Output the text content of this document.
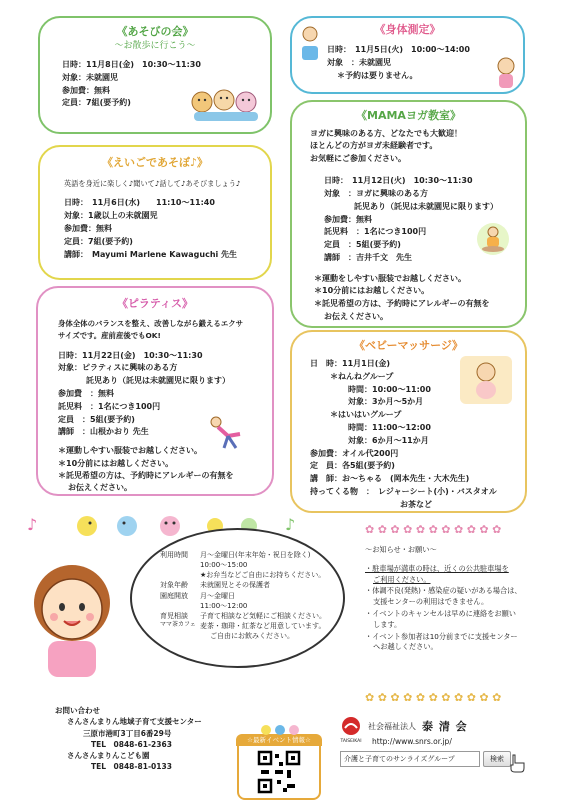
《あそびの会》
～お散歩に行こう～
日時：11月8日(金)　10:30～11:30
対象：未就園児
参加費：無料
定員：7組(要予約)
《身体測定》
日時：　11月5日(火)　10:00～14:00
対象　：未就園児
＊予約は要りません。
《MAMAヨガ教室》
ヨガに興味のある方、どなたでも大歓迎！
ほとんどの方がヨガ未経験者です。
お気軽にご参加ください。
日時：　11月12日(火)　10:30～11:30
対象　：ヨガに興味のある方
託児あり（託児は未就園児に限ります）
参加費：無料
託児料　：1名につき100円
定員　：5組(要予約)
講師　：吉井千文　先生
＊運動をしやすい服装でお越しください。
＊10分前にはお越しください。
＊託児希望の方は、予約時にアレルギーの有無を
お伝えください。
《えいごであそぼ♪》
英語を身近に楽しく♪聞いて♪話して♪あそびましょう♪
日時：　11月6日(水)　　11:10～11:40
対象：1歳以上の未就園児
参加費：無料
定員：7組(要予約)
講師：　Mayumi Marlene Kawaguchi 先生
《ピラティス》
身体全体のバランスを整え、改善しながら鍛えるエクサ
サイズです。産前産後でもOK!
日時：11月22日(金)　10:30～11:30
対象：ピラティスに興味のある方
託児あり（託児は未就園児に限ります）
参加費　：無料
託児料　：1名につき100円
定員　：5組(要予約)
講師　：山根かおり 先生
＊運動しやすい服装でお越しください。
＊10分前にはお越しください。
＊託児希望の方は、予約時にアレルギーの有無を
お伝えください。
《ベビーマッサージ》
日　時：11月1日(金)
＊ねんねグループ
時間：10:00～11:00
対象：3か月～5か月
＊はいはいグループ
時間：11:00～12:00
対象：6か月～11か月
参加費：オイル代200円
定　員：各5組(要予約)
講　師：お～ちゃる　(岡本先生・大木先生)
持ってくる物　：　レジャーシート(小)・バスタオル
お茶など
♪	♪
利用時間	月～金曜日(年末年始・祝日を除く)
10:00～15:00
★お弁当などご自由にお持ちください。
対象年齢	未就園児とその保護者
園庭開放	月～金曜日
11:00～12:00
育児相談	子育て相談など気軽にご相談ください。
ママ茶カフェ 麦茶・珈琲・紅茶など用意しています。
ご自由にお飲みください。
✿ ✿ ✿ ✿ ✿ ✿ ✿ ✿ ✿ ✿ ✿

～お知らせ・お願い～

・駐車場が満車の時は、近くの公共駐車場を
ご利用ください。

・体調不良(発熱)・感染症の疑いがある場合は、
支援センターの利用はできません。

・イベントのキャンセルは早めに連絡をお願い
します。

・イベント参加者は10分前までに支援センター
へお越しください。

✿ ✿ ✿ ✿ ✿ ✿ ✿ ✿ ✿ ✿ ✿
お問い合わせ
さんさんまりん地域子育て支援センター
三原市港町3丁目6番29号
TEL　0848-61-2363
さんさんまりんこども園
TEL　0848-81-0133
☆最新イベント情報☆
社会福祉法人 泰 清 会
TAISEIKAI http://www.snrs.or.jp/
介護と子育てのサンライズグループ	検索
